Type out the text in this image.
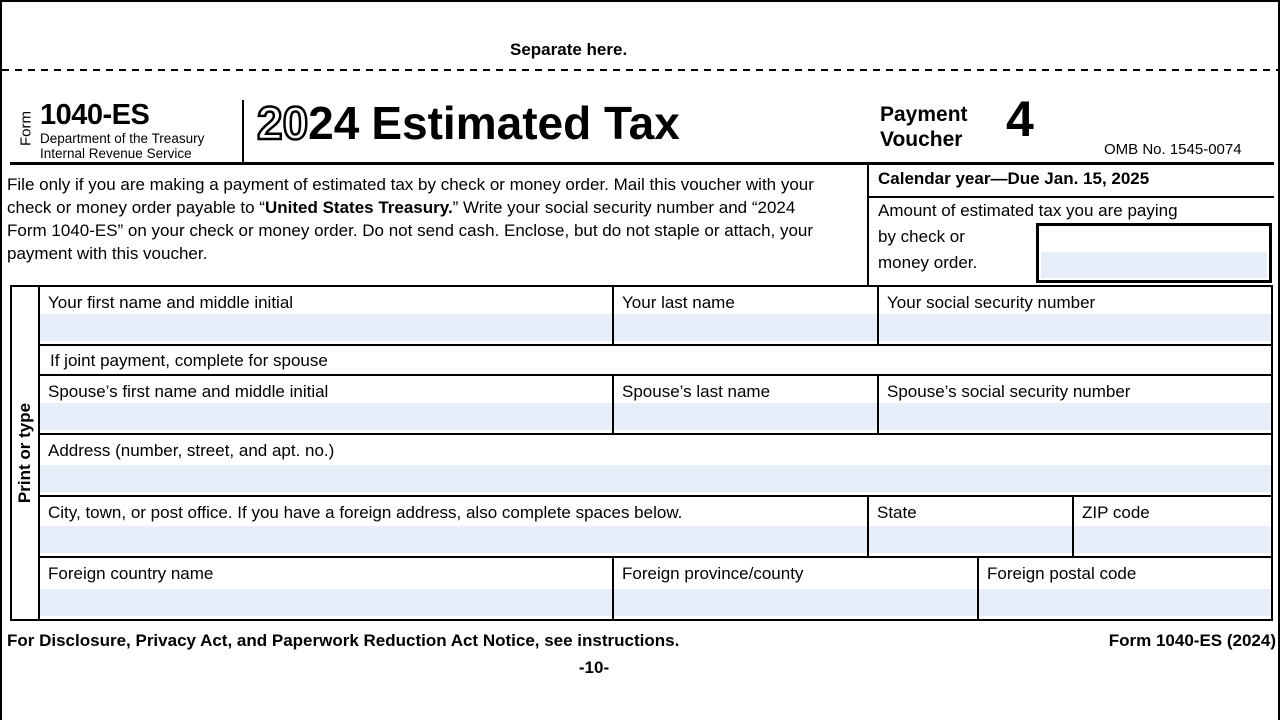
Separate here.
Form 1040-ES
Department of the Treasury
Internal Revenue Service
2024 Estimated Tax	Payment
Voucher 4
OMB No. 1545-0074
File only if you are making a payment of estimated tax by check or money order. Mail this voucher with your check or money order payable to “United States Treasury.” Write your social security number and “2024 Form 1040-ES” on your check or money order. Do not send cash. Enclose, but do not staple or attach, your payment with this voucher.
Calendar year—Due Jan. 15, 2025
Amount of estimated tax you are paying
by check or
money order.
Print or type
Your first name and middle initial	Your last name	Your social security number
If joint payment, complete for spouse
Spouse’s first name and middle initial	Spouse’s last name	Spouse’s social security number
Address (number, street, and apt. no.)
City, town, or post office. If you have a foreign address, also complete spaces below.	State	ZIP code
Foreign country name	Foreign province/county	Foreign postal code
For Disclosure, Privacy Act, and Paperwork Reduction Act Notice, see instructions.	Form 1040-ES (2024)
-10-
